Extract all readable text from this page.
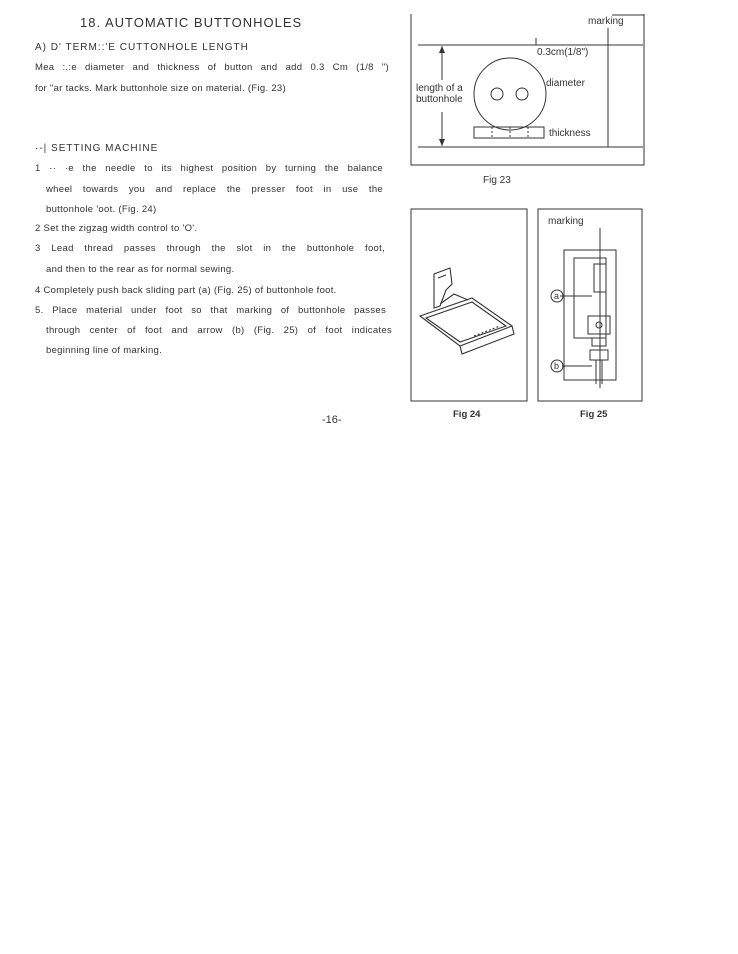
18. AUTOMATIC BUTTONHOLES
A) D' TERM::'E CUTTONHOLE LENGTH
Mea :.:e diameter and thickness of button and add 0.3 Cm (1/8 ")
for "ar tacks. Mark buttonhole size on material. (Fig. 23)
·-| SETTING MACHINE
1 ·· ·e the needle to its highest position by turning the balance
wheel towards you and replace the presser foot in use the
buttonhole 'oot. (Fig. 24)
2 Set the zigzag width control to 'O'.
3 Lead thread passes through the slot in the buttonhole foot,
and then to the rear as for normal sewing.
4 Completely push back sliding part (a) (Fig. 25) of buttonhole foot.
5. Place material under foot so that marking of buttonhole passes
through center of foot and arrow (b) (Fig. 25) of foot indicates
beginning line of marking.
marking
0.3cm(1/8")
diameter
length of a
buttonhole
thickness
Fig 23
Fig 24
marking
a
b
Fig 25
-16-
